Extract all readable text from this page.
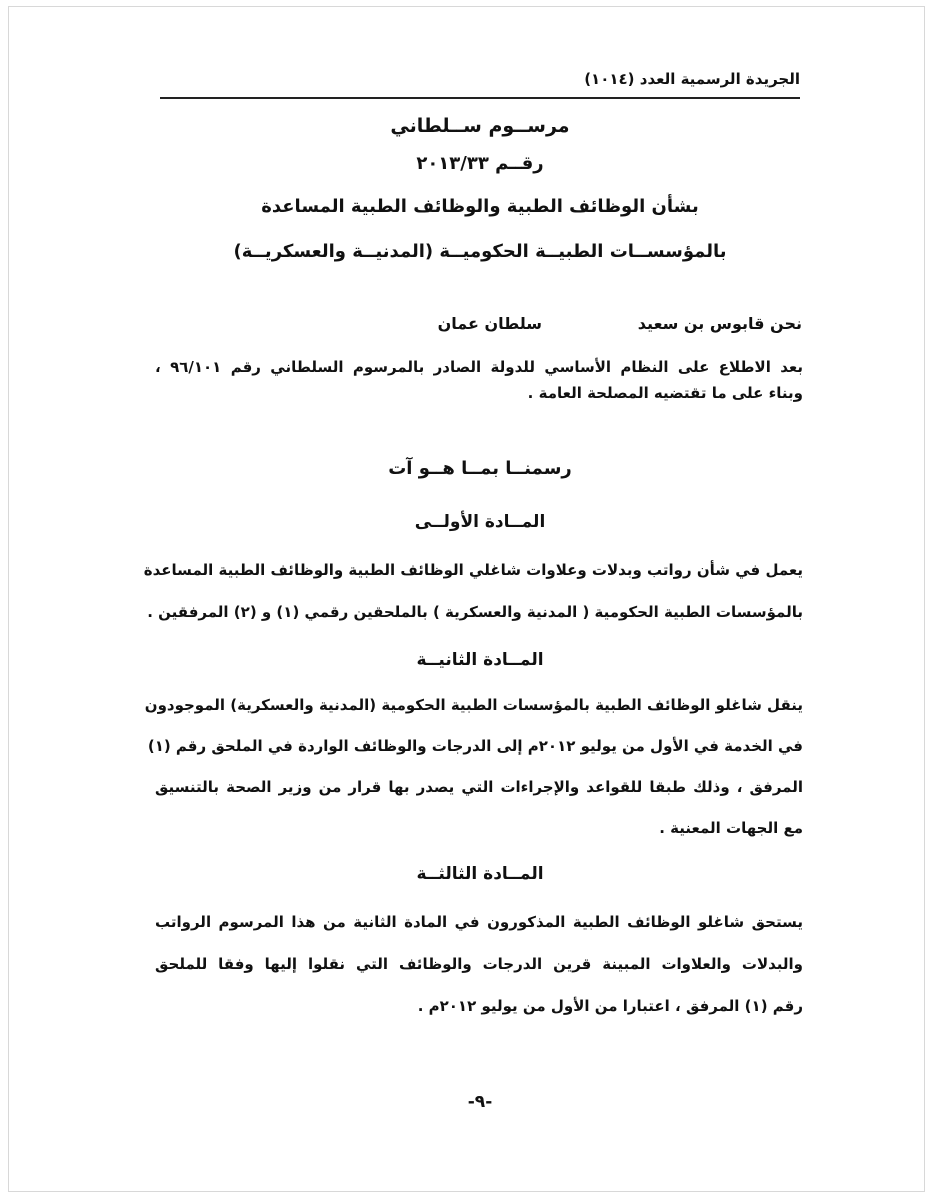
الجريدة الرسمية العدد (١٠١٤)
مرســوم ســلطاني
رقــم ٢٠١٣/٣٣
بشأن الوظائف الطبية والوظائف الطبية المساعدة
بالمؤسســات الطبيــة الحكوميــة (المدنيــة والعسكريــة)
نحن قابوس بن سعيد
سلطان عمان
بعد الاطلاع على النظام الأساسي للدولة الصادر بالمرسوم السلطاني رقم ٩٦/١٠١ ،
وبناء على ما تقتضيه المصلحة العامة .
رسمنــا بمــا هــو آت
المــادة الأولــى
يعمل في شأن رواتب وبدلات وعلاوات شاغلي الوظائف الطبية والوظائف الطبية المساعدة
بالمؤسسات الطبية الحكومية ( المدنية والعسكرية ) بالملحقين رقمي (١) و (٢) المرفقين .
المــادة الثانيــة
ينقل شاغلو الوظائف الطبية بالمؤسسات الطبية الحكومية (المدنية والعسكرية) الموجودون
في الخدمة في الأول من يوليو ٢٠١٢م إلى الدرجات والوظائف الواردة في الملحق رقم (١)
المرفق ، وذلك طبقا للقواعد والإجراءات التي يصدر بها قرار من وزير الصحة بالتنسيق
مع الجهات المعنية .
المــادة الثالثــة
يستحق شاغلو الوظائف الطبية المذكورون في المادة الثانية من هذا المرسوم الرواتب
والبدلات والعلاوات المبينة قرين الدرجات والوظائف التي نقلوا إليها وفقا للملحق
رقم (١) المرفق ، اعتبارا من الأول من يوليو ٢٠١٢م .
-٩-
